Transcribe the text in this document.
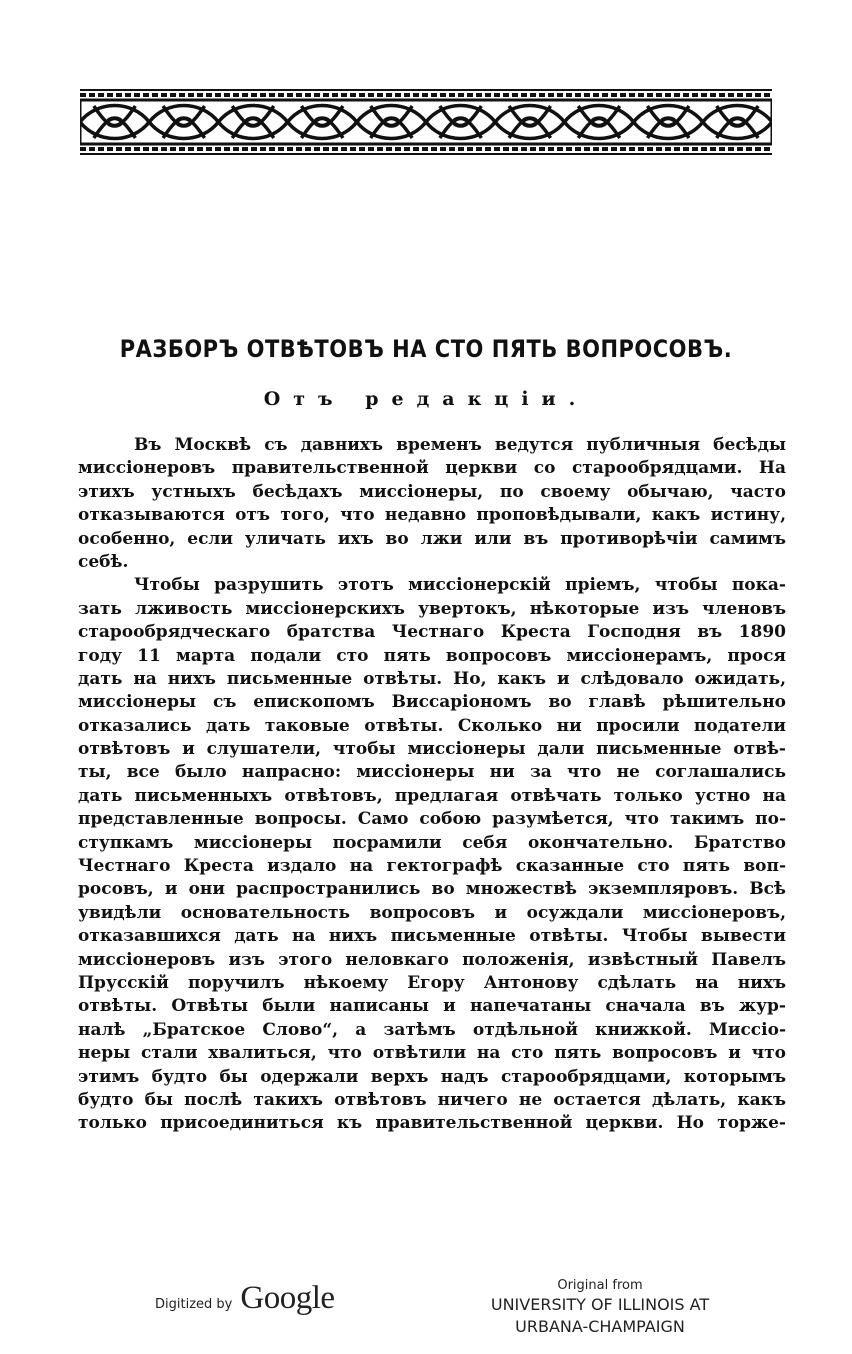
РАЗБОРЪ ОТВѢТОВЪ НА СТО ПЯТЬ ВОПРОСОВЪ.
Отъ редакціи.
Въ Москвѣ съ давнихъ временъ ведутся публичныя бесѣды
миссіонеровъ правительственной церкви со старообрядцами. На
этихъ устныхъ бесѣдахъ миссіонеры, по своему обычаю, часто
отказываются отъ того, что недавно проповѣдывали, какъ истину,
особенно, если уличать ихъ во лжи или въ противорѣчіи самимъ
себѣ.
Чтобы разрушить этотъ миссіонерскій пріемъ, чтобы пока-
зать лживость миссіонерскихъ увертокъ, нѣкоторые изъ членовъ
старообрядческаго братства Честнаго Креста Господня въ 1890
году 11 марта подали сто пять вопросовъ миссіонерамъ, прося
дать на нихъ письменные отвѣты. Но, какъ и слѣдовало ожидать,
миссіонеры съ епископомъ Виссаріономъ во главѣ рѣшительно
отказались дать таковые отвѣты. Сколько ни просили податели
отвѣтовъ и слушатели, чтобы миссіонеры дали письменные отвѣ-
ты, все было напрасно: миссіонеры ни за что не соглашались
дать письменныхъ отвѣтовъ, предлагая отвѣчать только устно на
представленные вопросы. Само собою разумѣется, что такимъ по-
ступкамъ миссіонеры посрамили себя окончательно. Братство
Честнаго Креста издало на гектографѣ сказанные сто пять воп-
росовъ, и они распространились во множествѣ экземпляровъ. Всѣ
увидѣли основательность вопросовъ и осуждали миссіонеровъ,
отказавшихся дать на нихъ письменные отвѣты. Чтобы вывести
миссіонеровъ изъ этого неловкаго положенія, извѣстный Павелъ
Прусскій поручилъ нѣкоему Егору Антонову сдѣлать на нихъ
отвѣты. Отвѣты были написаны и напечатаны сначала въ жур-
налѣ „Братское Слово“, а затѣмъ отдѣльной книжкой. Миссіо-
неры стали хвалиться, что отвѣтили на сто пять вопросовъ и что
этимъ будто бы одержали верхъ надъ старообрядцами, которымъ
будто бы послѣ такихъ отвѣтовъ ничего не остается дѣлать, какъ
только присоединиться къ правительственной церкви. Но торже-
Digitized by Google	Original from
UNIVERSITY OF ILLINOIS AT
URBANA-CHAMPAIGN
